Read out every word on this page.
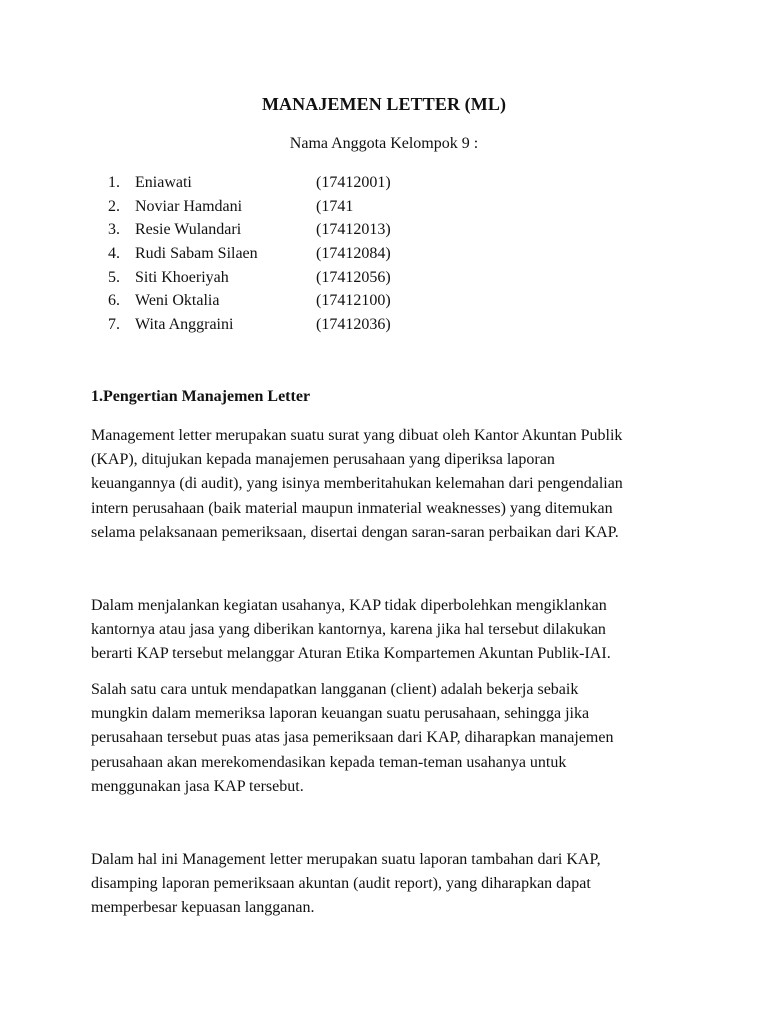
MANAJEMEN LETTER (ML)
Nama Anggota Kelompok 9 :
1. Eniawati	(17412001)
2. Noviar Hamdani	(1741
3. Resie Wulandari	(17412013)
4. Rudi Sabam Silaen	(17412084)
5. Siti Khoeriyah	(17412056)
6. Weni Oktalia	(17412100)
7. Wita Anggraini	(17412036)
1.Pengertian Manajemen Letter

Management letter merupakan suatu surat yang dibuat oleh Kantor Akuntan Publik
(KAP), ditujukan kepada manajemen perusahaan yang diperiksa laporan
keuangannya (di audit), yang isinya memberitahukan kelemahan dari pengendalian
intern perusahaan (baik material maupun inmaterial weaknesses) yang ditemukan
selama pelaksanaan pemeriksaan, disertai dengan saran-saran perbaikan dari KAP.

Dalam menjalankan kegiatan usahanya, KAP tidak diperbolehkan mengiklankan
kantornya atau jasa yang diberikan kantornya, karena jika hal tersebut dilakukan
berarti KAP tersebut melanggar Aturan Etika Kompartemen Akuntan Publik-IAI.

Salah satu cara untuk mendapatkan langganan (client) adalah bekerja sebaik
mungkin dalam memeriksa laporan keuangan suatu perusahaan, sehingga jika
perusahaan tersebut puas atas jasa pemeriksaan dari KAP, diharapkan manajemen
perusahaan akan merekomendasikan kepada teman-teman usahanya untuk
menggunakan jasa KAP tersebut.

Dalam hal ini Management letter merupakan suatu laporan tambahan dari KAP,
disamping laporan pemeriksaan akuntan (audit report), yang diharapkan dapat
memperbesar kepuasan langganan.
